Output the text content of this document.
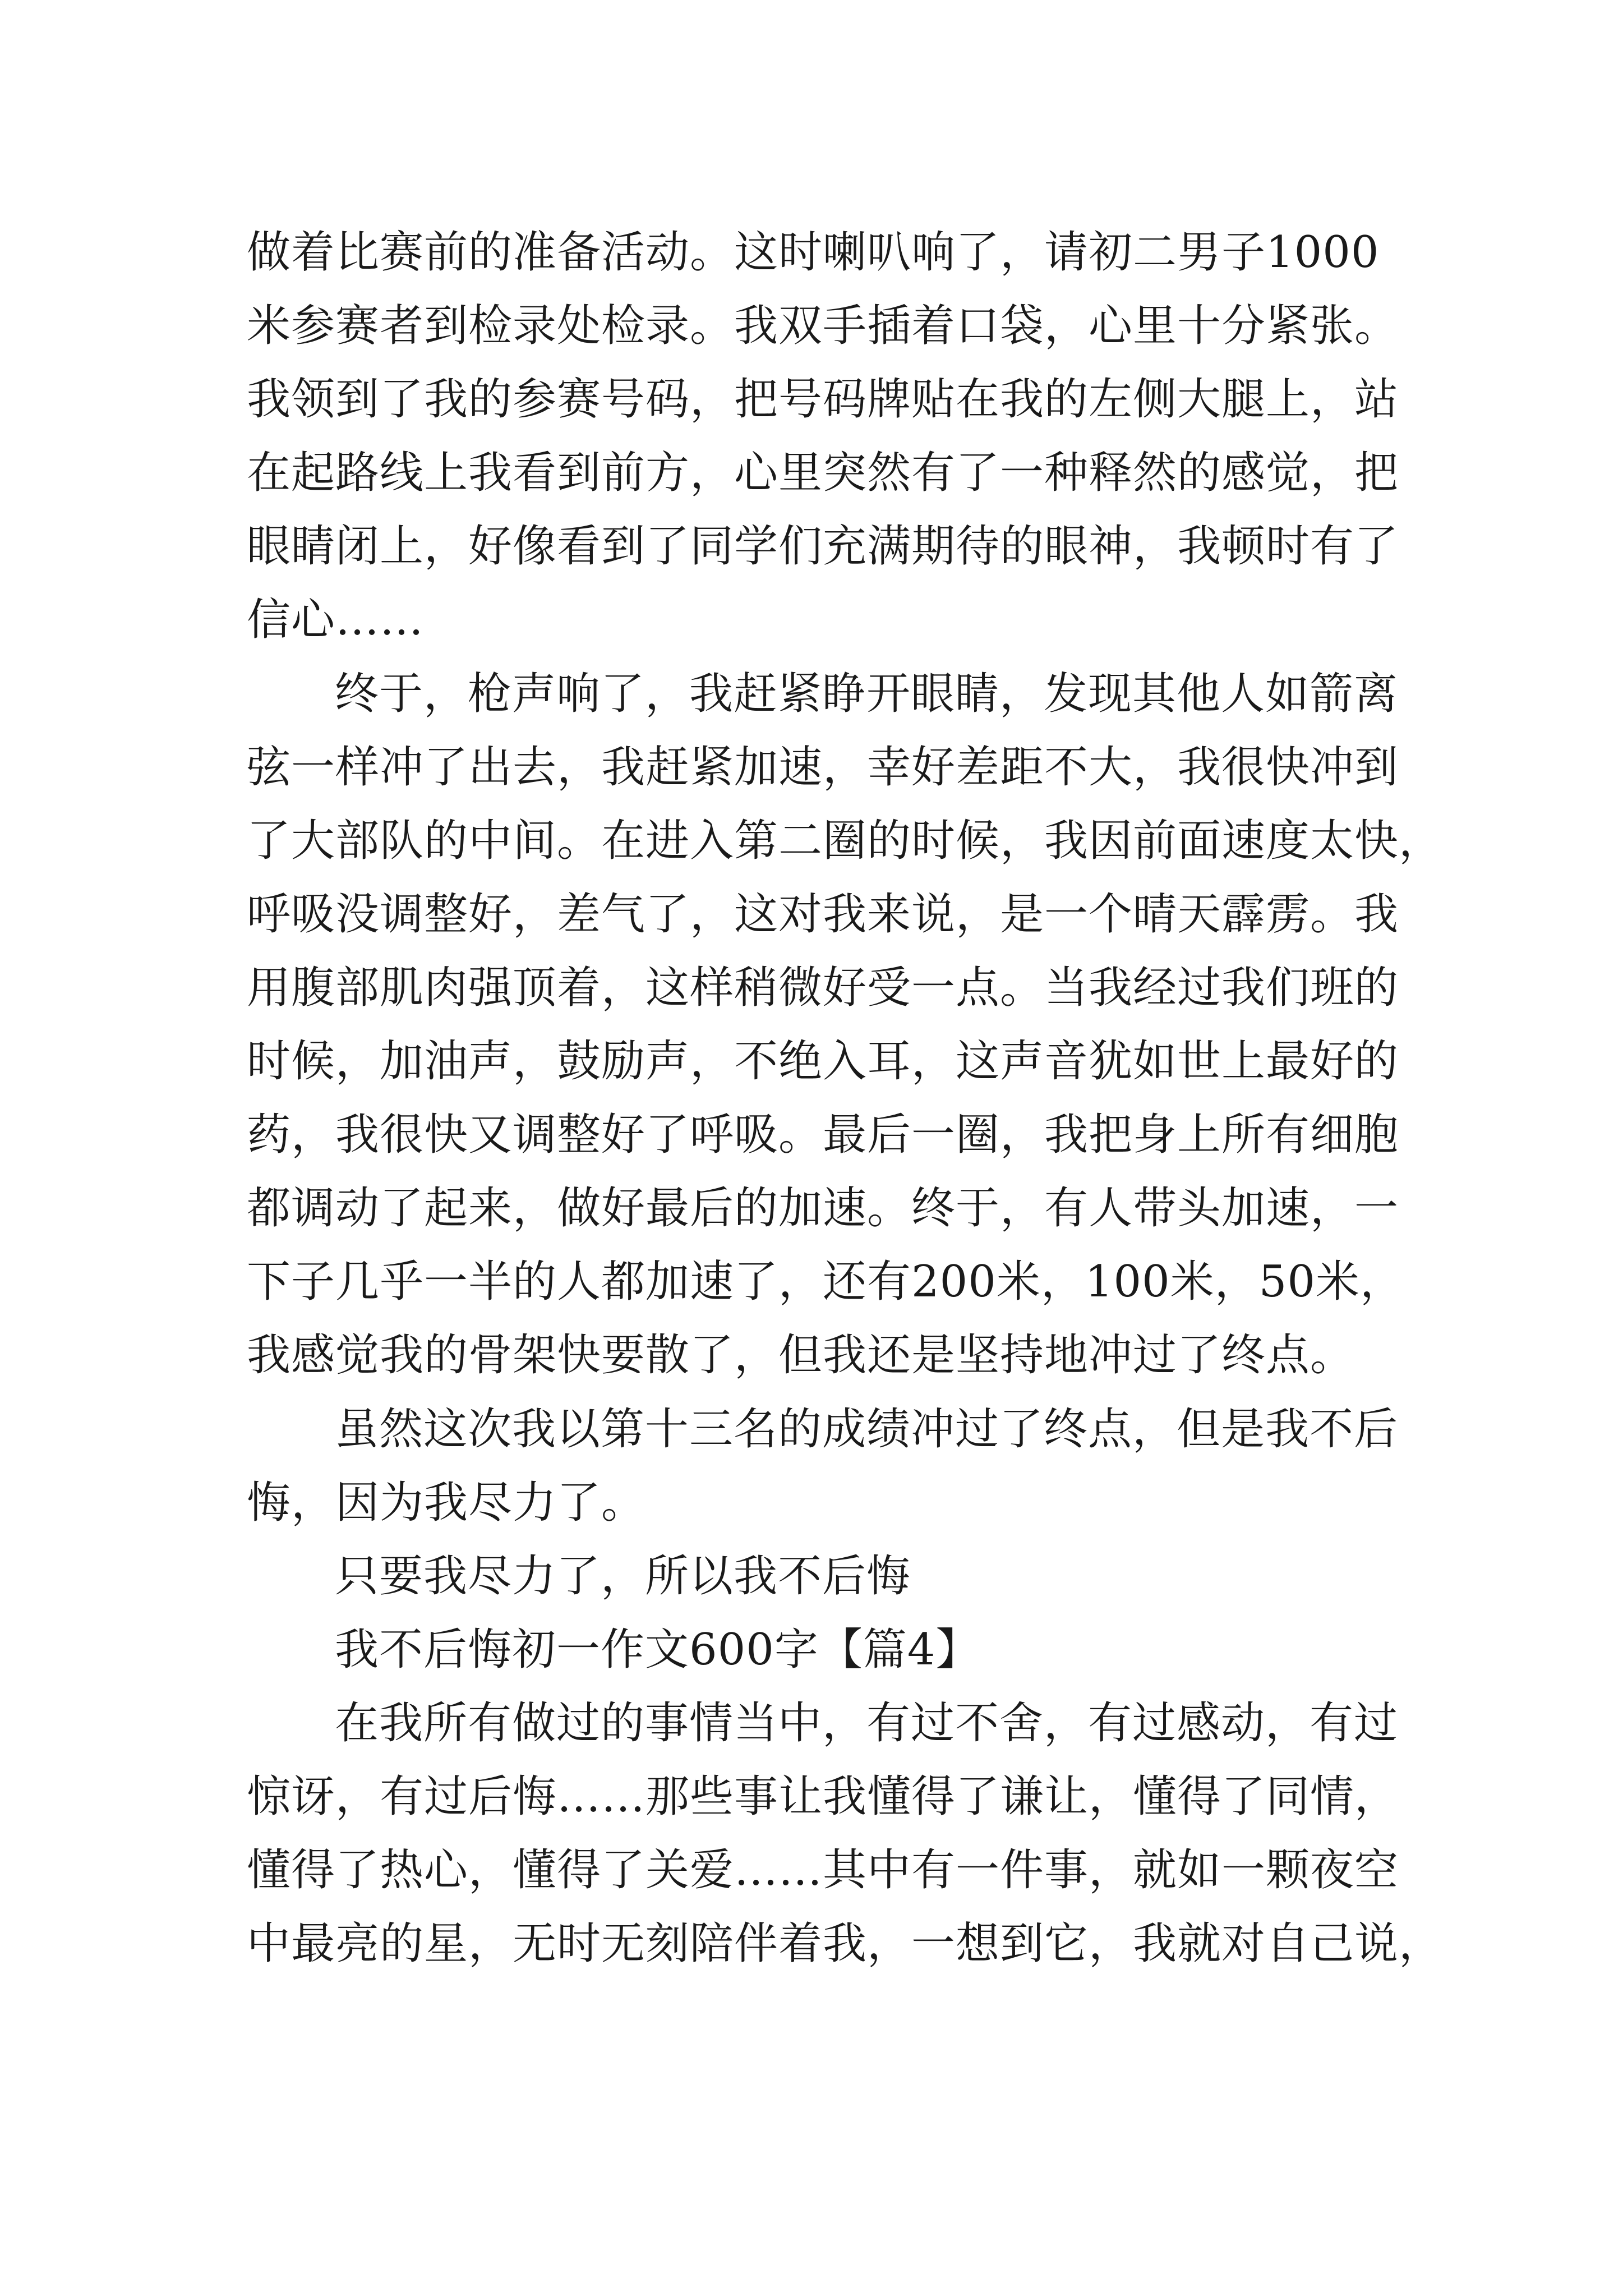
做着比赛前的准备活动。这时喇叭响了，请初二男子1000
米参赛者到检录处检录。我双手插着口袋，心里十分紧张。
我领到了我的参赛号码，把号码牌贴在我的左侧大腿上，站
在起路线上我看到前方，心里突然有了一种释然的感觉，把
眼睛闭上，好像看到了同学们充满期待的眼神，我顿时有了
信心……
终于，枪声响了，我赶紧睁开眼睛，发现其他人如箭离
弦一样冲了出去，我赶紧加速，幸好差距不大，我很快冲到
了大部队的中间。在进入第二圈的时候，我因前面速度太快，
呼吸没调整好，差气了，这对我来说，是一个晴天霹雳。我
用腹部肌肉强顶着，这样稍微好受一点。当我经过我们班的
时候，加油声，鼓励声，不绝入耳，这声音犹如世上最好的
药，我很快又调整好了呼吸。最后一圈，我把身上所有细胞
都调动了起来，做好最后的加速。终于，有人带头加速，一
下子几乎一半的人都加速了，还有200米，100米，50米，
我感觉我的骨架快要散了，但我还是坚持地冲过了终点。
虽然这次我以第十三名的成绩冲过了终点，但是我不后
悔，因为我尽力了。
只要我尽力了，所以我不后悔
我不后悔初一作文600字【篇4】
在我所有做过的事情当中，有过不舍，有过感动，有过
惊讶，有过后悔……那些事让我懂得了谦让，懂得了同情，
懂得了热心，懂得了关爱……其中有一件事，就如一颗夜空
中最亮的星，无时无刻陪伴着我，一想到它，我就对自己说，
